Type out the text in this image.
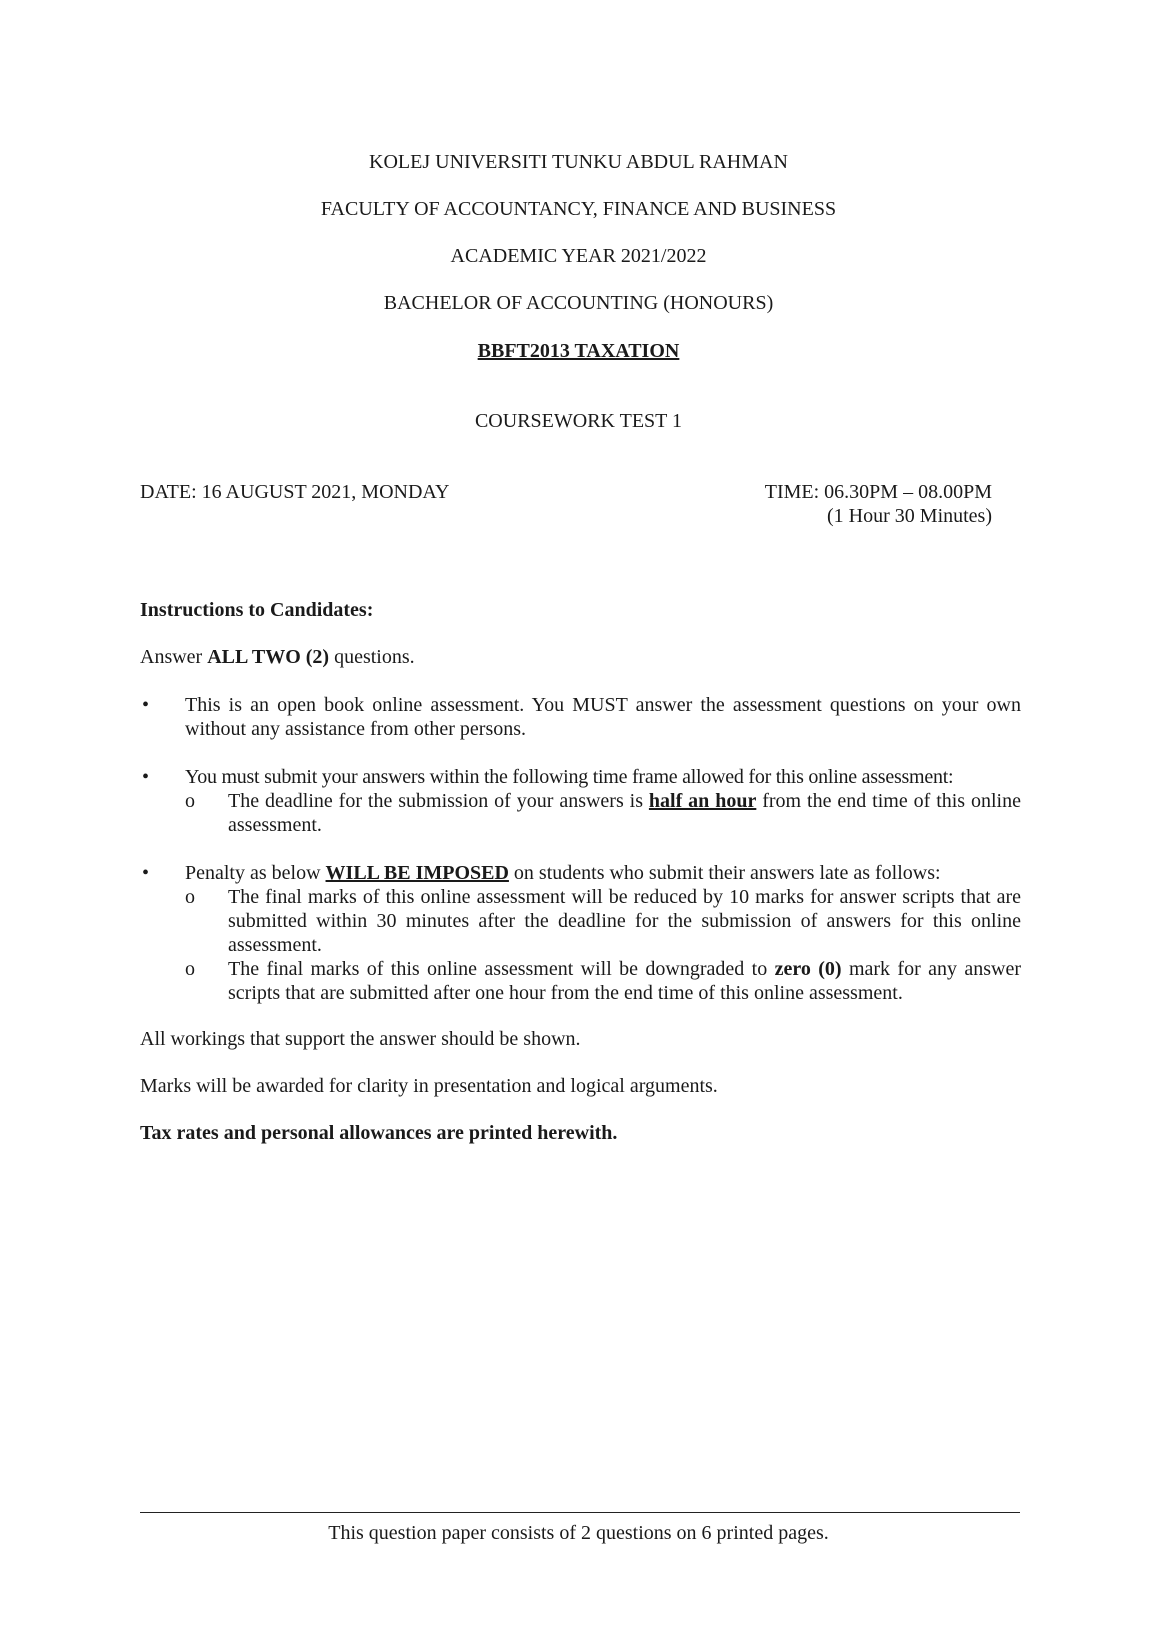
KOLEJ UNIVERSITI TUNKU ABDUL RAHMAN
FACULTY OF ACCOUNTANCY, FINANCE AND BUSINESS
ACADEMIC YEAR 2021/2022
BACHELOR OF ACCOUNTING (HONOURS)
BBFT2013 TAXATION
COURSEWORK TEST 1
DATE: 16 AUGUST 2021, MONDAY	TIME: 06.30PM – 08.00PM
(1 Hour 30 Minutes)
Instructions to Candidates:
Answer ALL TWO (2) questions.
• This is an open book online assessment. You MUST answer the assessment questions on your own without any assistance from other persons.
• You must submit your answers within the following time frame allowed for this online assessment:
o The deadline for the submission of your answers is half an hour from the end time of this online assessment.
• Penalty as below WILL BE IMPOSED on students who submit their answers late as follows:
o The final marks of this online assessment will be reduced by 10 marks for answer scripts that are submitted within 30 minutes after the deadline for the submission of answers for this online assessment.
o The final marks of this online assessment will be downgraded to zero (0) mark for any answer scripts that are submitted after one hour from the end time of this online assessment.
All workings that support the answer should be shown.
Marks will be awarded for clarity in presentation and logical arguments.
Tax rates and personal allowances are printed herewith.
This question paper consists of 2 questions on 6 printed pages.
